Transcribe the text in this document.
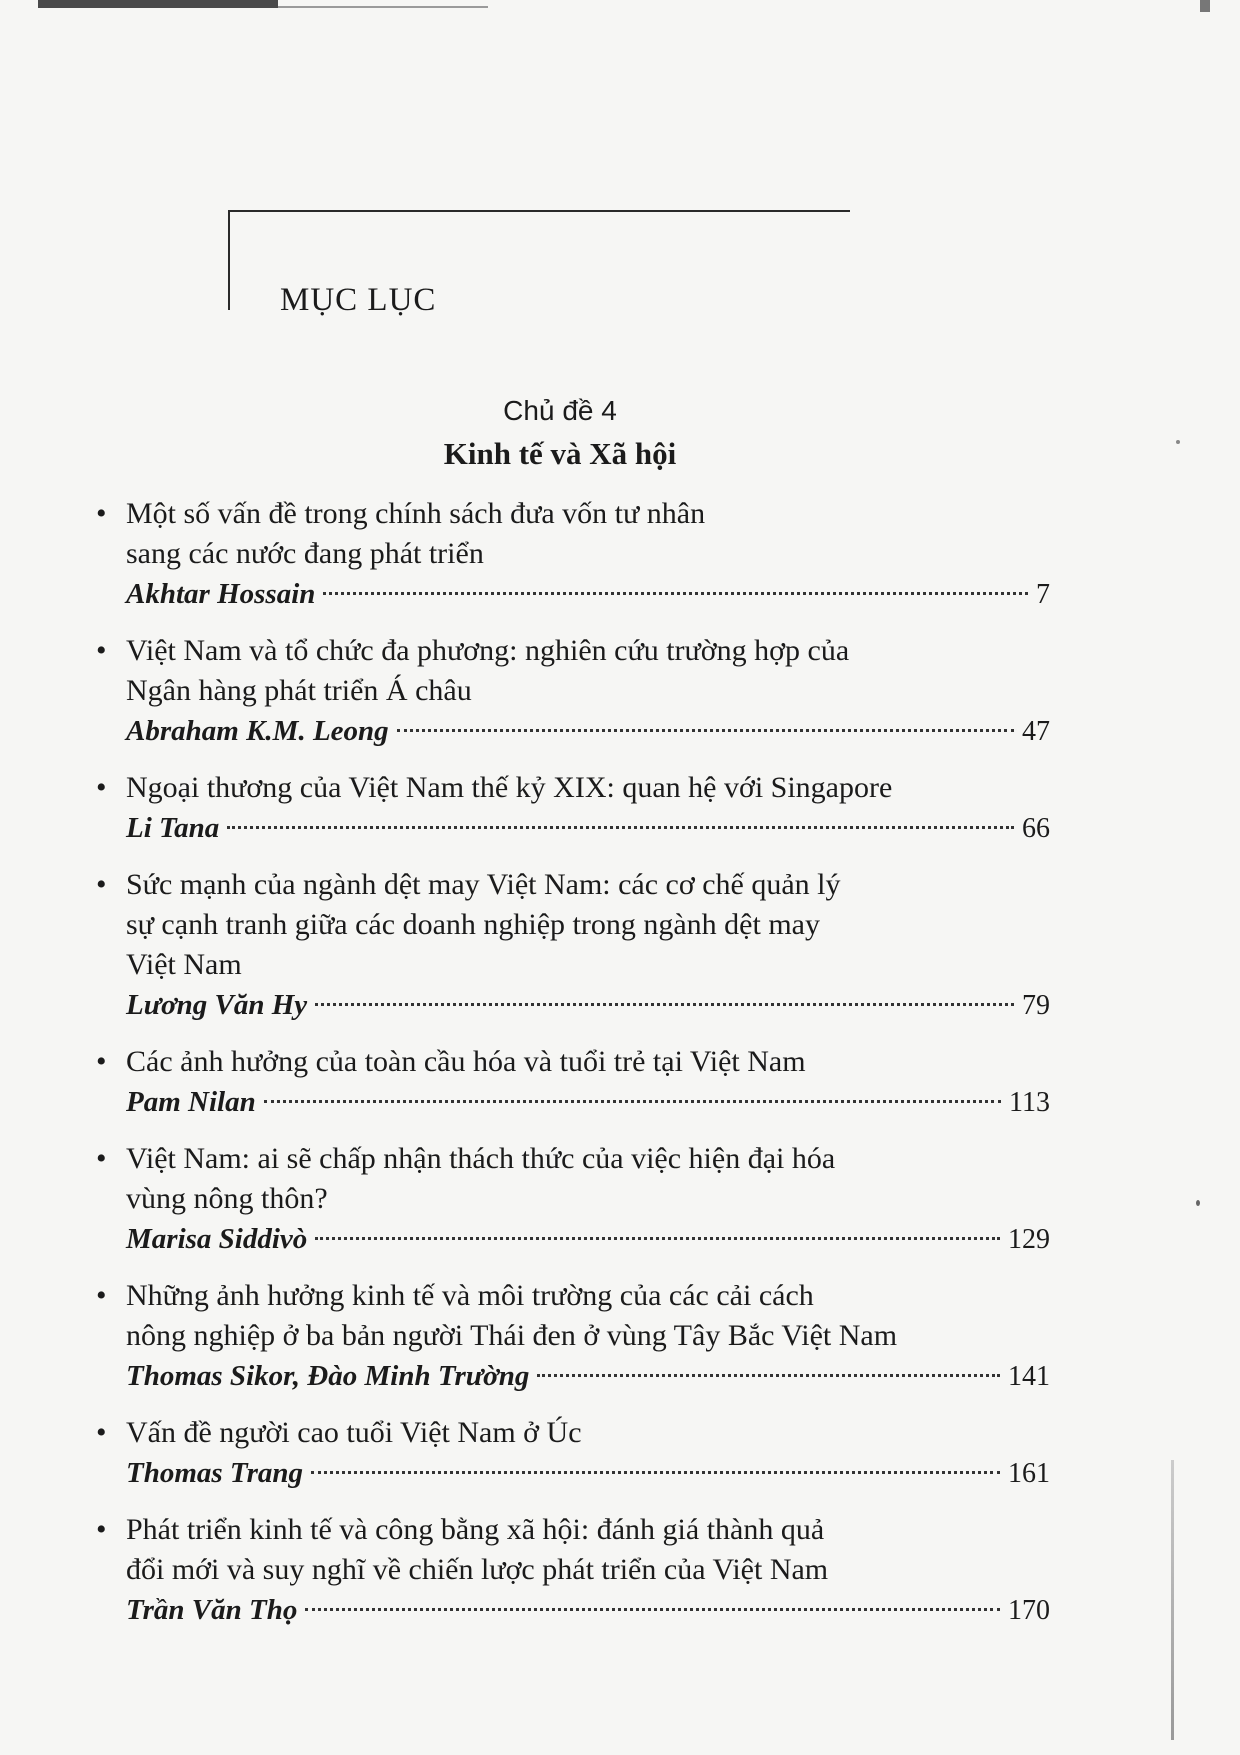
MỤC LỤC
Chủ đề 4
Kinh tế và Xã hội
• Một số vấn đề trong chính sách đưa vốn tư nhân
sang các nước đang phát triển
Akhtar Hossain	7
• Việt Nam và tổ chức đa phương: nghiên cứu trường hợp của
Ngân hàng phát triển Á châu
Abraham K.M. Leong	47
• Ngoại thương của Việt Nam thế kỷ XIX: quan hệ với Singapore
Li Tana	66
• Sức mạnh của ngành dệt may Việt Nam: các cơ chế quản lý
sự cạnh tranh giữa các doanh nghiệp trong ngành dệt may
Việt Nam
Lương Văn Hy	79
• Các ảnh hưởng của toàn cầu hóa và tuổi trẻ tại Việt Nam
Pam Nilan	113
• Việt Nam: ai sẽ chấp nhận thách thức của việc hiện đại hóa
vùng nông thôn?
Marisa Siddivò	129
• Những ảnh hưởng kinh tế và môi trường của các cải cách
nông nghiệp ở ba bản người Thái đen ở vùng Tây Bắc Việt Nam
Thomas Sikor, Đào Minh Trường	141
• Vấn đề người cao tuổi Việt Nam ở Úc
Thomas Trang	161
• Phát triển kinh tế và công bằng xã hội: đánh giá thành quả
đổi mới và suy nghĩ về chiến lược phát triển của Việt Nam
Trần Văn Thọ	170
